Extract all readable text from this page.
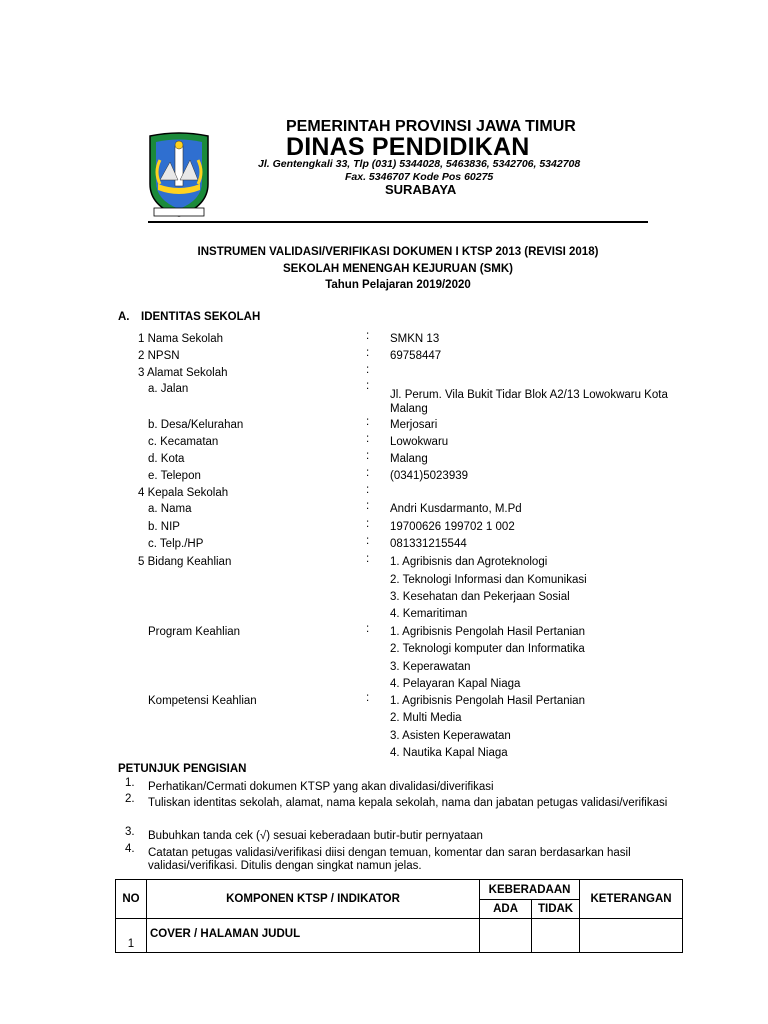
PEMERINTAH PROVINSI JAWA TIMUR
DINAS PENDIDIKAN
Jl. Gentengkali 33, Tlp (031) 5344028, 5463836, 5342706, 5342708
Fax. 5346707 Kode Pos 60275
SURABAYA
INSTRUMEN VALIDASI/VERIFIKASI DOKUMEN I KTSP 2013 (REVISI 2018)
SEKOLAH MENENGAH KEJURUAN (SMK)
Tahun Pelajaran 2019/2020
A. IDENTITAS SEKOLAH
1 Nama Sekolah	: SMKN 13
2 NPSN	: 69758447
3 Alamat Sekolah	:
a. Jalan	:
Jl. Perum. Vila Bukit Tidar Blok A2/13 Lowokwaru Kota Malang
b. Desa/Kelurahan	: Merjosari
c. Kecamatan	: Lowokwaru
d. Kota	: Malang
e. Telepon	: (0341)5023939
4 Kepala Sekolah	:
a. Nama	: Andri Kusdarmanto, M.Pd
b. NIP	: 19700626 199702 1 002
c. Telp./HP	: 081331215544
5 Bidang Keahlian	: 1. Agribisnis dan Agroteknologi
2. Teknologi Informasi dan Komunikasi
3. Kesehatan dan Pekerjaan Sosial
4. Kemaritiman
Program Keahlian	: 1. Agribisnis Pengolah Hasil Pertanian
2. Teknologi komputer dan Informatika
3. Keperawatan
4. Pelayaran Kapal Niaga
Kompetensi Keahlian	: 1. Agribisnis Pengolah Hasil Pertanian
2. Multi Media
3. Asisten Keperawatan
4. Nautika Kapal Niaga
PETUNJUK PENGISIAN
1. Perhatikan/Cermati dokumen KTSP yang akan divalidasi/diverifikasi
2. Tuliskan identitas sekolah, alamat, nama kepala sekolah, nama dan jabatan petugas validasi/verifikasi
3. Bubuhkan tanda cek (√) sesuai keberadaan butir-butir pernyataan
4. Catatan petugas validasi/verifikasi diisi dengan temuan, komentar dan saran berdasarkan hasil validasi/verifikasi. Ditulis dengan singkat namun jelas.
NO	KOMPONEN KTSP / INDIKATOR	KEBERADAAN		KETERANGAN
		ADA	TIDAK	
1	COVER / HALAMAN JUDUL			
